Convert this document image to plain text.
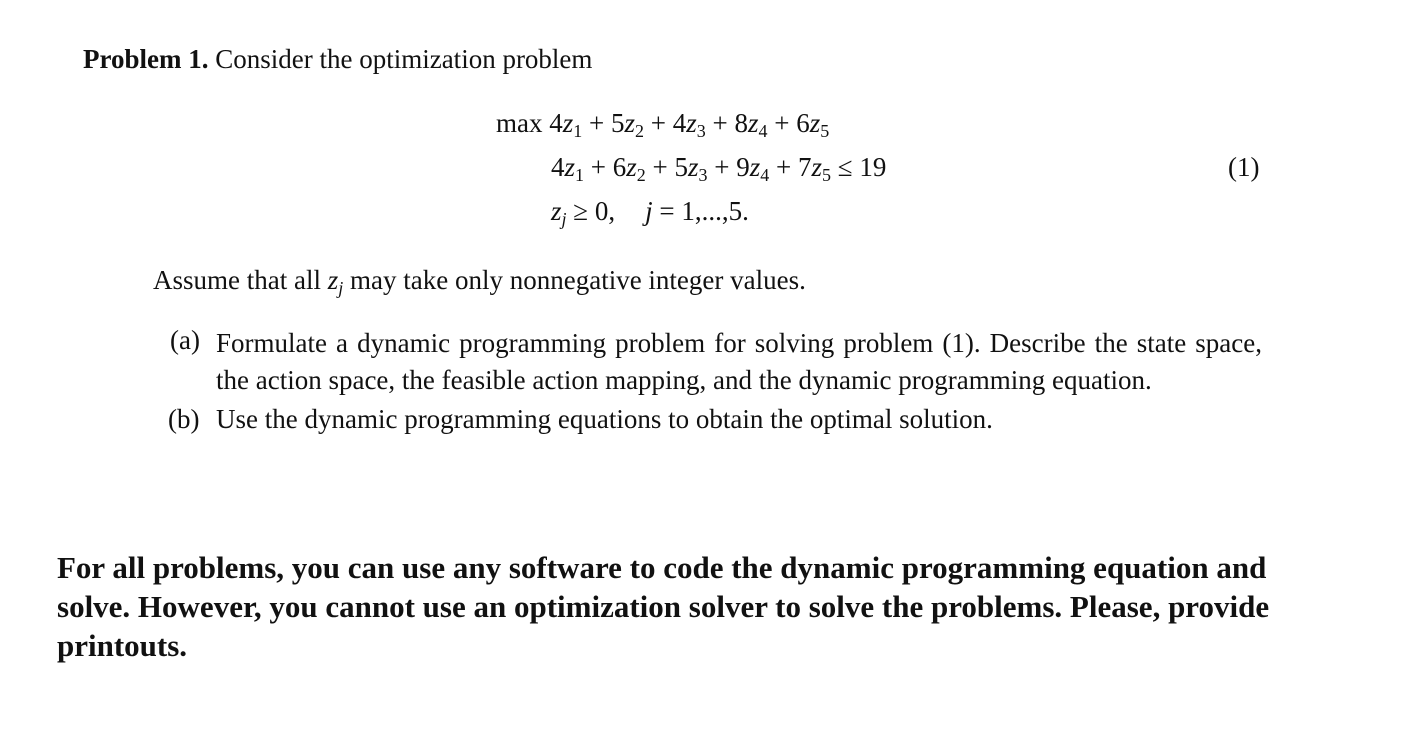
Problem 1. Consider the optimization problem
$\max 4z_1 + 5z_2 + 4z_3 + 8z_4 + 6z_5$
$4z_1 + 6z_2 + 5z_3 + 9z_4 + 7z_5 \le 19$
$z_j \ge 0$, j = 1,...,5.
(1)
Assume that all $z_j$ may take only nonnegative integer values.
(a) Formulate a dynamic programming problem for solving problem (1). Describe the state space, the action space, the feasible action mapping, and the dynamic programming equation.
(b) Use the dynamic programming equations to obtain the optimal solution.
For all problems, you can use any software to code the dynamic programming equation and solve. However, you cannot use an optimization solver to solve the problems. Please, provide printouts.
